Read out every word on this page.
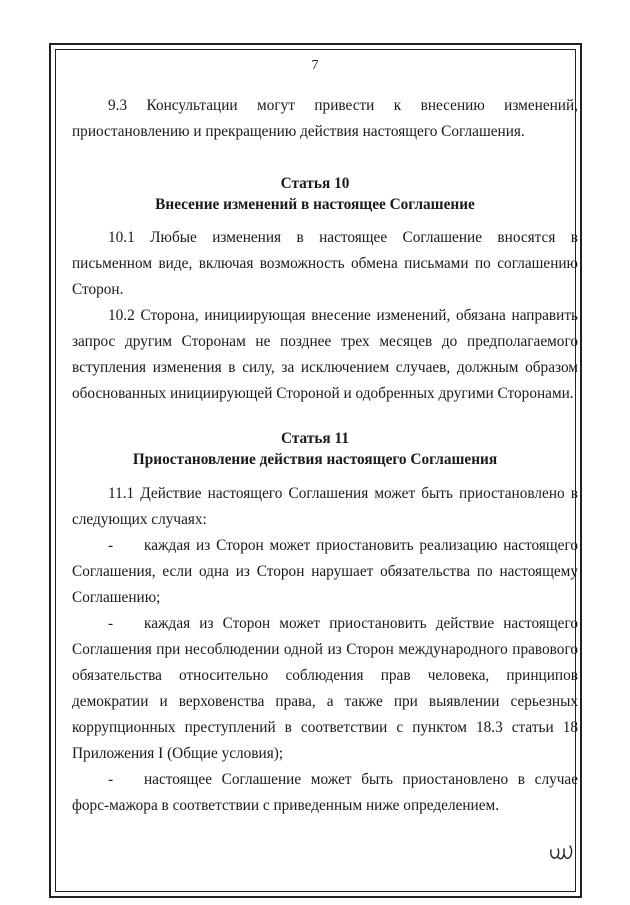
7

9.3 Консультации могут привести к внесению изменений, приостановлению и прекращению действия настоящего Соглашения.

Статья 10
Внесение изменений в настоящее Соглашение

10.1 Любые изменения в настоящее Соглашение вносятся в письменном виде, включая возможность обмена письмами по соглашению Сторон.

10.2 Сторона, инициирующая внесение изменений, обязана направить запрос другим Сторонам не позднее трех месяцев до предполагаемого вступления изменения в силу, за исключением случаев, должным образом обоснованных инициирующей Стороной и одобренных другими Сторонами.

Статья 11
Приостановление действия настоящего Соглашения

11.1 Действие настоящего Соглашения может быть приостановлено в следующих случаях:

- каждая из Сторон может приостановить реализацию настоящего Соглашения, если одна из Сторон нарушает обязательства по настоящему Соглашению;

- каждая из Сторон может приостановить действие настоящего Соглашения при несоблюдении одной из Сторон международного правового обязательства относительно соблюдения прав человека, принципов демократии и верховенства права, а также при выявлении серьезных коррупционных преступлений в соответствии с пунктом 18.3 статьи 18 Приложения I (Общие условия);

- настоящее Соглашение может быть приостановлено в случае форс-мажора в соответствии с приведенным ниже определением.
